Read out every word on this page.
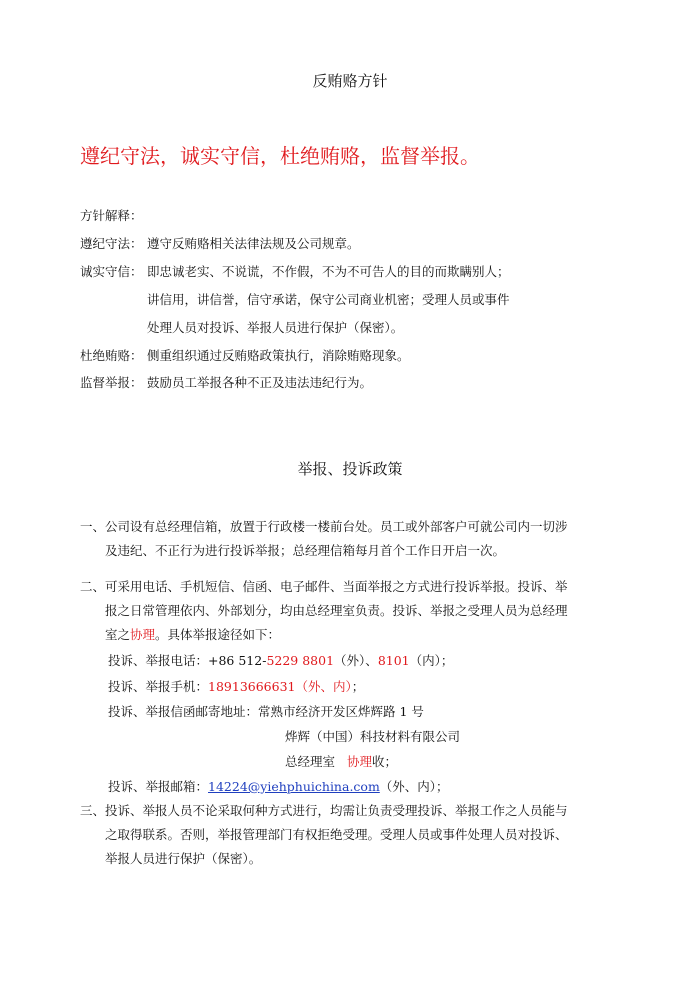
反贿赂方针
遵纪守法，诚实守信，杜绝贿赂，监督举报。
方针解释：
遵纪守法： 遵守反贿赂相关法律法规及公司规章。
诚实守信： 即忠诚老实、不说谎，不作假，不为不可告人的目的而欺瞒别人；
讲信用，讲信誉，信守承诺，保守公司商业机密；受理人员或事件
处理人员对投诉、举报人员进行保护（保密）。
杜绝贿赂： 侧重组织通过反贿赂政策执行，消除贿赂现象。
监督举报： 鼓励员工举报各种不正及违法违纪行为。
举报、投诉政策
一、公司设有总经理信箱，放置于行政楼一楼前台处。员工或外部客户可就公司内一切涉
及违纪、不正行为进行投诉举报；总经理信箱每月首个工作日开启一次。
二、可采用电话、手机短信、信函、电子邮件、当面举报之方式进行投诉举报。投诉、举
报之日常管理依内、外部划分，均由总经理室负责。投诉、举报之受理人员为总经理
室之协理。具体举报途径如下：
投诉、举报电话：+86 512-5229 8801（外）、8101（内）；
投诉、举报手机：18913666631（外、内）；
投诉、举报信函邮寄地址：常熟市经济开发区烨辉路 1 号
烨辉（中国）科技材料有限公司
总经理室 协理收；
投诉、举报邮箱：14224@yiehphuichina.com（外、内）；
三、投诉、举报人员不论采取何种方式进行，均需让负责受理投诉、举报工作之人员能与
之取得联系。否则，举报管理部门有权拒绝受理。受理人员或事件处理人员对投诉、
举报人员进行保护（保密）。
